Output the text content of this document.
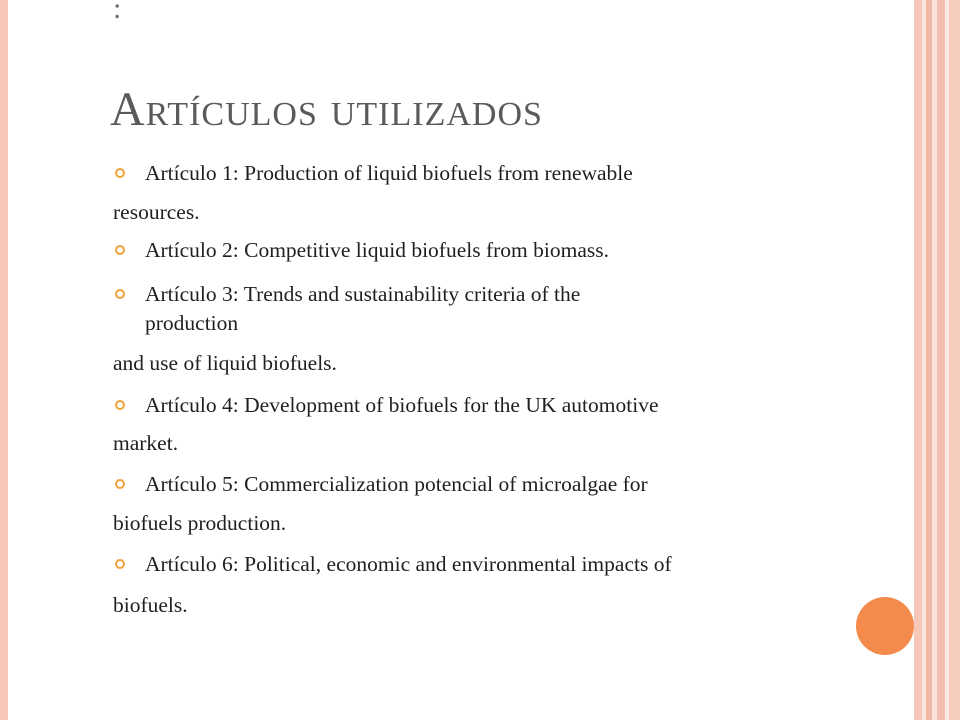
:
Artículos utilizados
Artículo 1: Production of liquid biofuels from renewable
resources.
Artículo 2: Competitive liquid biofuels from biomass.
Artículo 3: Trends and sustainability criteria of the
production
and use of liquid biofuels.
Artículo 4: Development of biofuels for the UK automotive
market.
Artículo 5: Commercialization potencial of microalgae for
biofuels production.
Artículo 6: Political, economic and environmental impacts of
biofuels.
